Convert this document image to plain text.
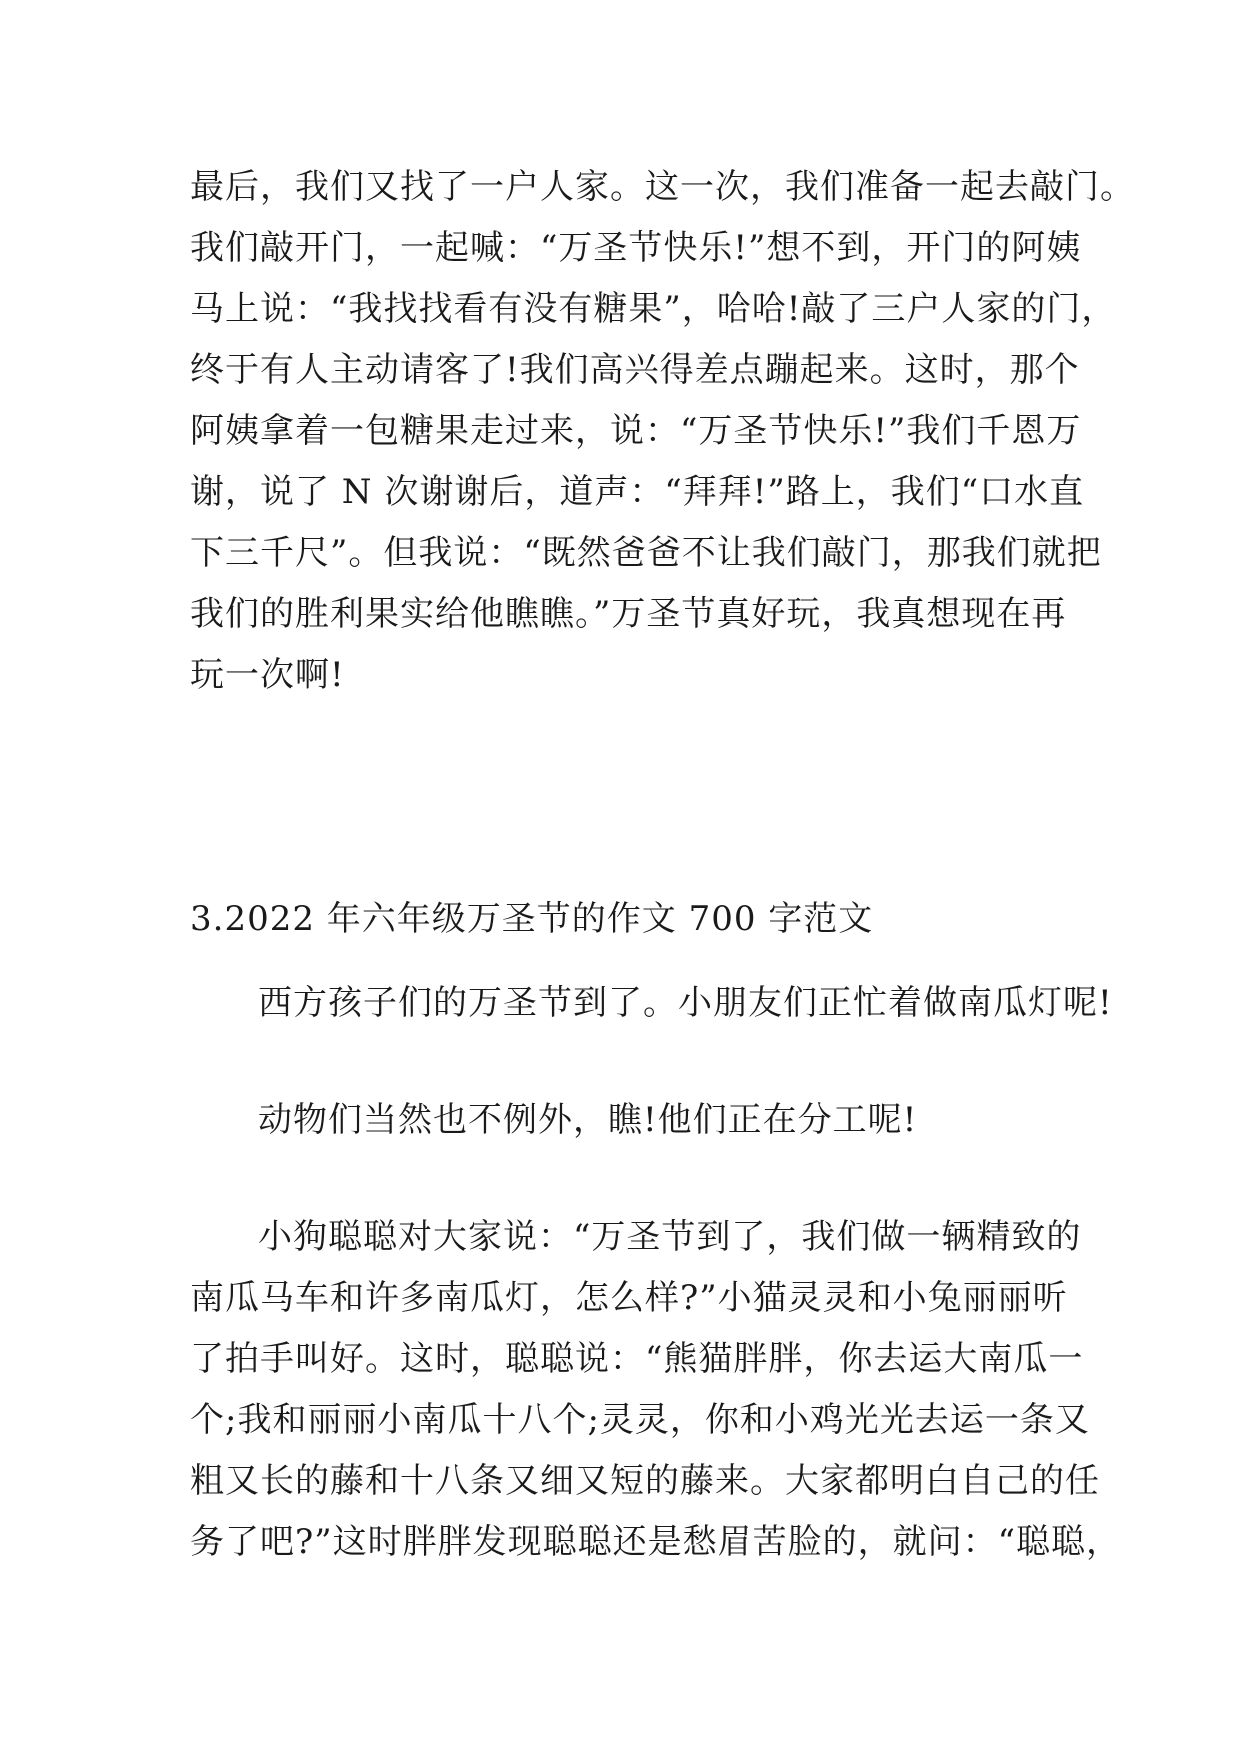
最后，我们又找了一户人家。这一次，我们准备一起去敲门。
我们敲开门，一起喊：“万圣节快乐!”想不到，开门的阿姨
马上说：“我找找看有没有糖果”，哈哈!敲了三户人家的门，
终于有人主动请客了!我们高兴得差点蹦起来。这时，那个
阿姨拿着一包糖果走过来，说：“万圣节快乐!”我们千恩万
谢，说了 N 次谢谢后，道声：“拜拜!”路上，我们“口水直
下三千尺”。但我说：“既然爸爸不让我们敲门，那我们就把
我们的胜利果实给他瞧瞧。”万圣节真好玩，我真想现在再
玩一次啊!
3.2022 年六年级万圣节的作文 700 字范文
西方孩子们的万圣节到了。小朋友们正忙着做南瓜灯呢!
动物们当然也不例外，瞧!他们正在分工呢!
小狗聪聪对大家说：“万圣节到了，我们做一辆精致的
南瓜马车和许多南瓜灯，怎么样?”小猫灵灵和小兔丽丽听
了拍手叫好。这时，聪聪说：“熊猫胖胖，你去运大南瓜一
个;我和丽丽小南瓜十八个;灵灵，你和小鸡光光去运一条又
粗又长的藤和十八条又细又短的藤来。大家都明白自己的任
务了吧?”这时胖胖发现聪聪还是愁眉苦脸的，就问：“聪聪，
